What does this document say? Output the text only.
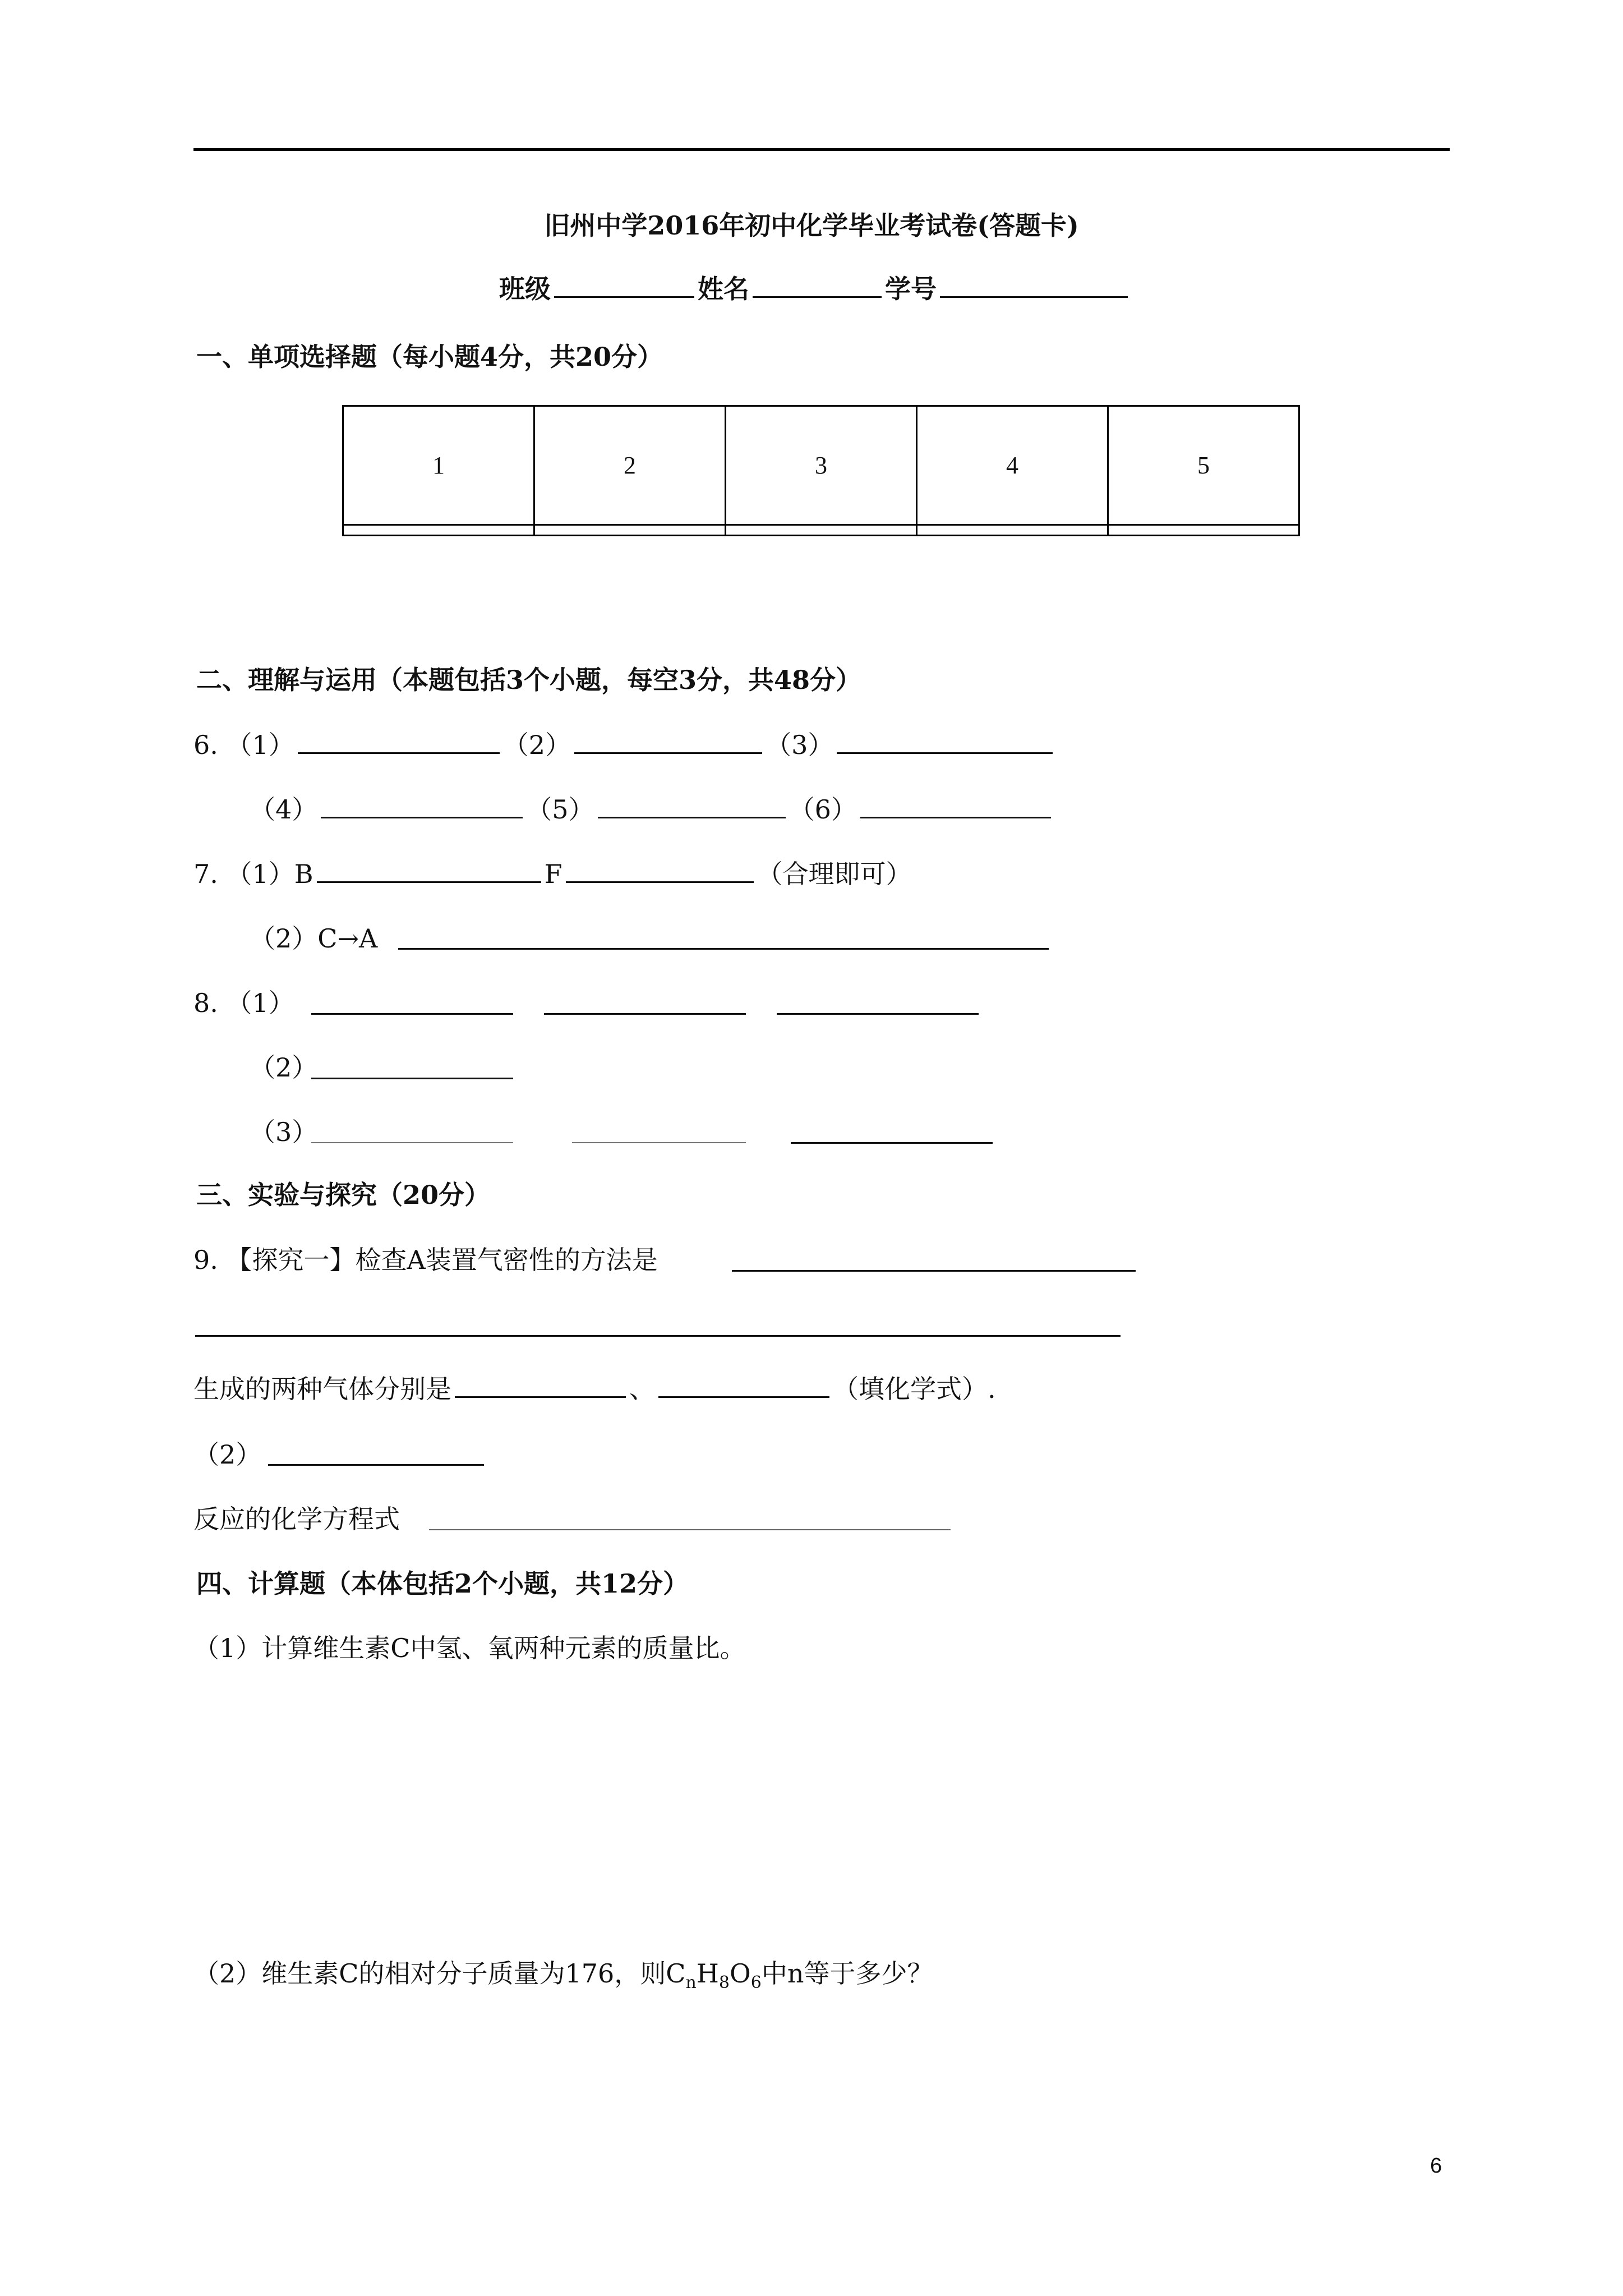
旧州中学2016年初中化学毕业考试卷(答题卡)
班级	姓名	学号
一、单项选择题（每小题4分，共20分）
1	2	3	4	5

二、理解与运用（本题包括3个小题，每空3分，共48分）
6. （1）	（2）	（3）
（4）	（5）	（6）
7. （1）B	F	（合理即可）
（2）C→A
8. （1）
（2）
（3）
三、实验与探究（20分）
9. 【探究一】检查A装置气密性的方法是
生成的两种气体分别是	、	（填化学式）.
（2）
反应的化学方程式
四、计算题（本体包括2个小题，共12分）
（1）计算维生素C中氢、氧两种元素的质量比。
（2）维生素C的相对分子质量为176，则$C_nH_8O_6$中n等于多少？
6
